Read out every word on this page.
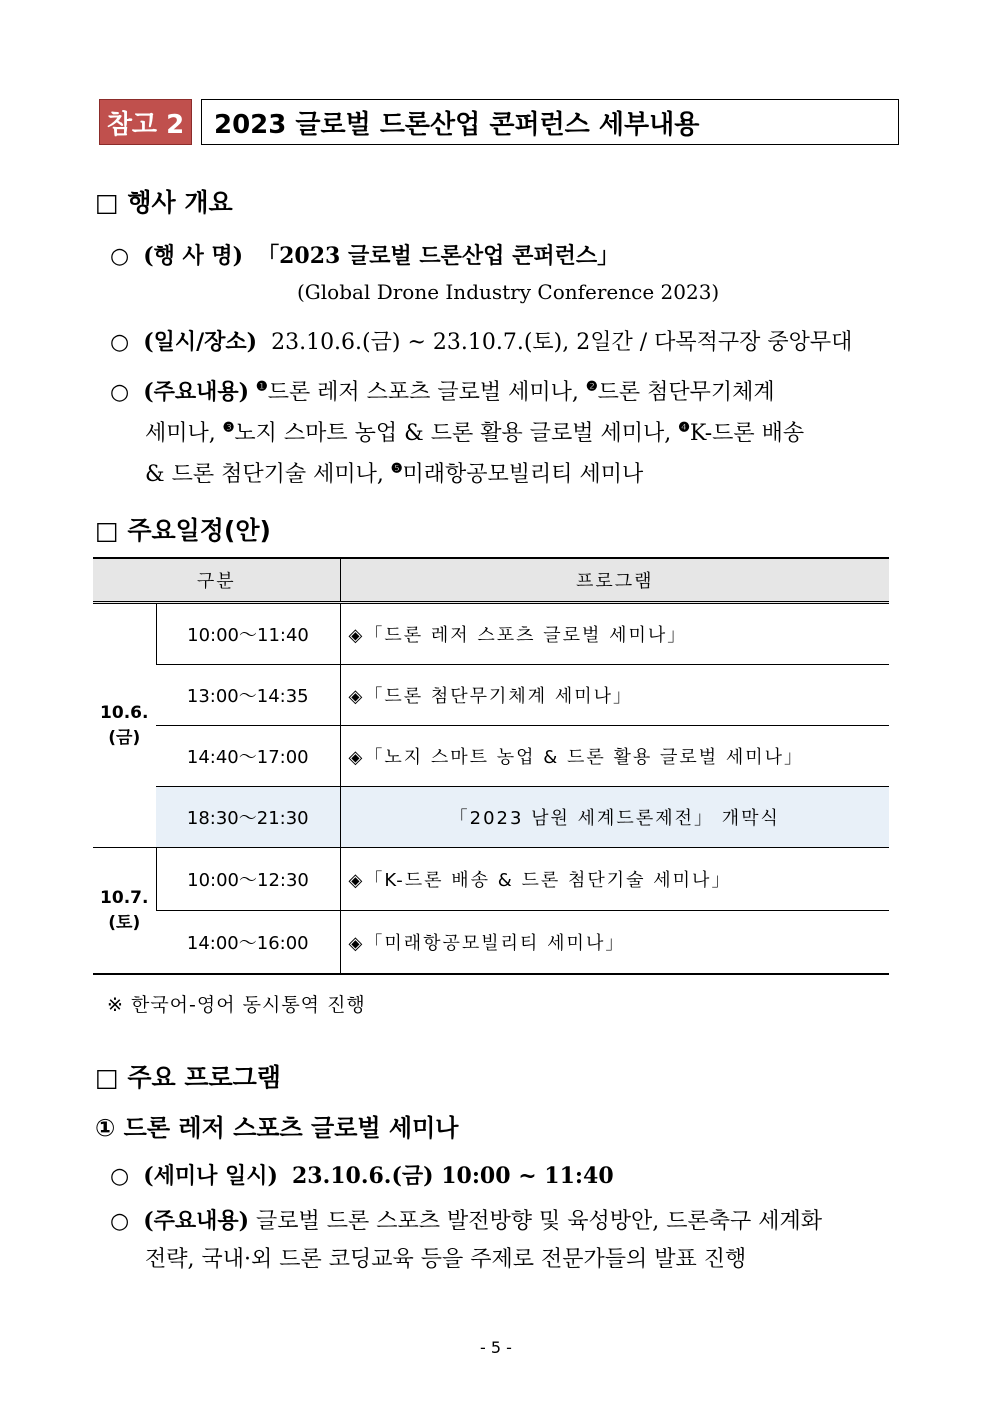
참고 2	2023 글로벌 드론산업 콘퍼런스 세부내용
□ 행사 개요
○ (행 사 명) 「2023 글로벌 드론산업 콘퍼런스」
(Global Drone Industry Conference 2023)
○ (일시/장소) 23.10.6.(금) ~ 23.10.7.(토), 2일간 / 다목적구장 중앙무대
○ (주요내용) $^❶$드론 레저 스포츠 글로벌 세미나, $^❷$드론 첨단무기체계
세미나, $^❸$노지 스마트 농업 & 드론 활용 글로벌 세미나, $^❹$K-드론 배송
& 드론 첨단기술 세미나, $^❺$미래항공모빌리티 세미나
□ 주요일정(안)
구분		프로그램

10.6.
(금)	10:00～11:40	◈「드론 레저 스포츠 글로벌 세미나」
	13:00～14:35	◈「드론 첨단무기체계 세미나」
	14:40～17:00	◈「노지 스마트 농업 & 드론 활용 글로벌 세미나」
	18:30～21:30	「2023 남원 세계드론제전」 개막식

10.7.
(토)	10:00～12:30	◈「K-드론 배송 & 드론 첨단기술 세미나」
	14:00～16:00	◈「미래항공모빌리티 세미나」
※ 한국어-영어 동시통역 진행
□ 주요 프로그램
① 드론 레저 스포츠 글로벌 세미나
○ (세미나 일시) 23.10.6.(금) 10:00 ~ 11:40
○ (주요내용) 글로벌 드론 스포츠 발전방향 및 육성방안, 드론축구 세계화
전략, 국내·외 드론 코딩교육 등을 주제로 전문가들의 발표 진행
- 5 -
